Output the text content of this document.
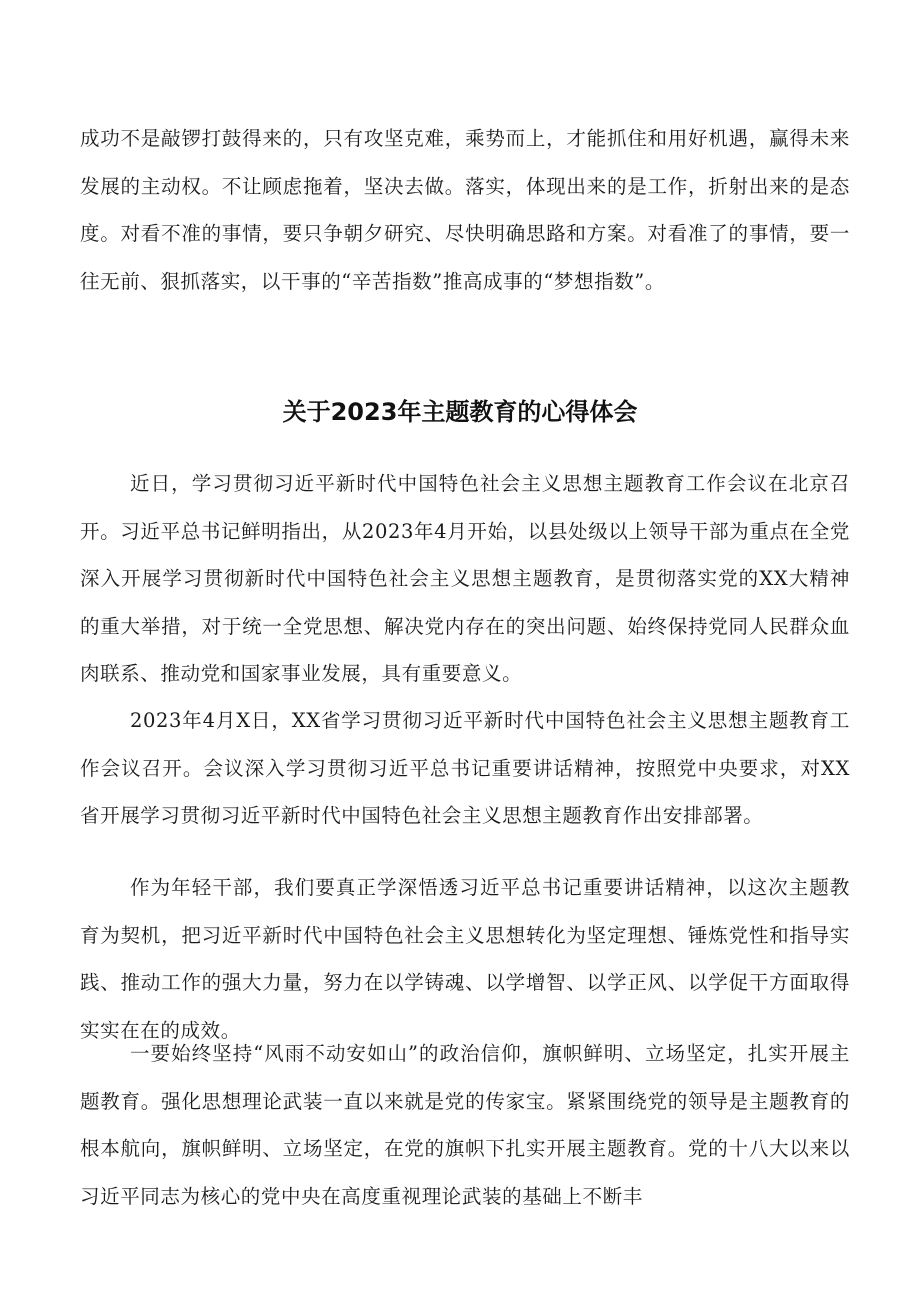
成功不是敲锣打鼓得来的，只有攻坚克难，乘势而上，才能抓住和用好机遇，赢得未来发展的主动权。不让顾虑拖着，坚决去做。落实，体现出来的是工作，折射出来的是态度。对看不准的事情，要只争朝夕研究、尽快明确思路和方案。对看准了的事情，要一往无前、狠抓落实，以干事的“辛苦指数”推高成事的“梦想指数”。

关于2023年主题教育的心得体会

近日，学习贯彻习近平新时代中国特色社会主义思想主题教育工作会议在北京召开。习近平总书记鲜明指出，从2023年4月开始，以县处级以上领导干部为重点在全党深入开展学习贯彻新时代中国特色社会主义思想主题教育，是贯彻落实党的XX大精神的重大举措，对于统一全党思想、解决党内存在的突出问题、始终保持党同人民群众血肉联系、推动党和国家事业发展，具有重要意义。

2023年4月X日，XX省学习贯彻习近平新时代中国特色社会主义思想主题教育工作会议召开。会议深入学习贯彻习近平总书记重要讲话精神，按照党中央要求，对XX省开展学习贯彻习近平新时代中国特色社会主义思想主题教育作出安排部署。

作为年轻干部，我们要真正学深悟透习近平总书记重要讲话精神，以这次主题教育为契机，把习近平新时代中国特色社会主义思想转化为坚定理想、锤炼党性和指导实践、推动工作的强大力量，努力在以学铸魂、以学增智、以学正风、以学促干方面取得实实在在的成效。

一要始终坚持“风雨不动安如山”的政治信仰，旗帜鲜明、立场坚定，扎实开展主题教育。强化思想理论武装一直以来就是党的传家宝。紧紧围绕党的领导是主题教育的根本航向，旗帜鲜明、立场坚定，在党的旗帜下扎实开展主题教育。党的十八大以来以习近平同志为核心的党中央在高度重视理论武装的基础上不断丰
